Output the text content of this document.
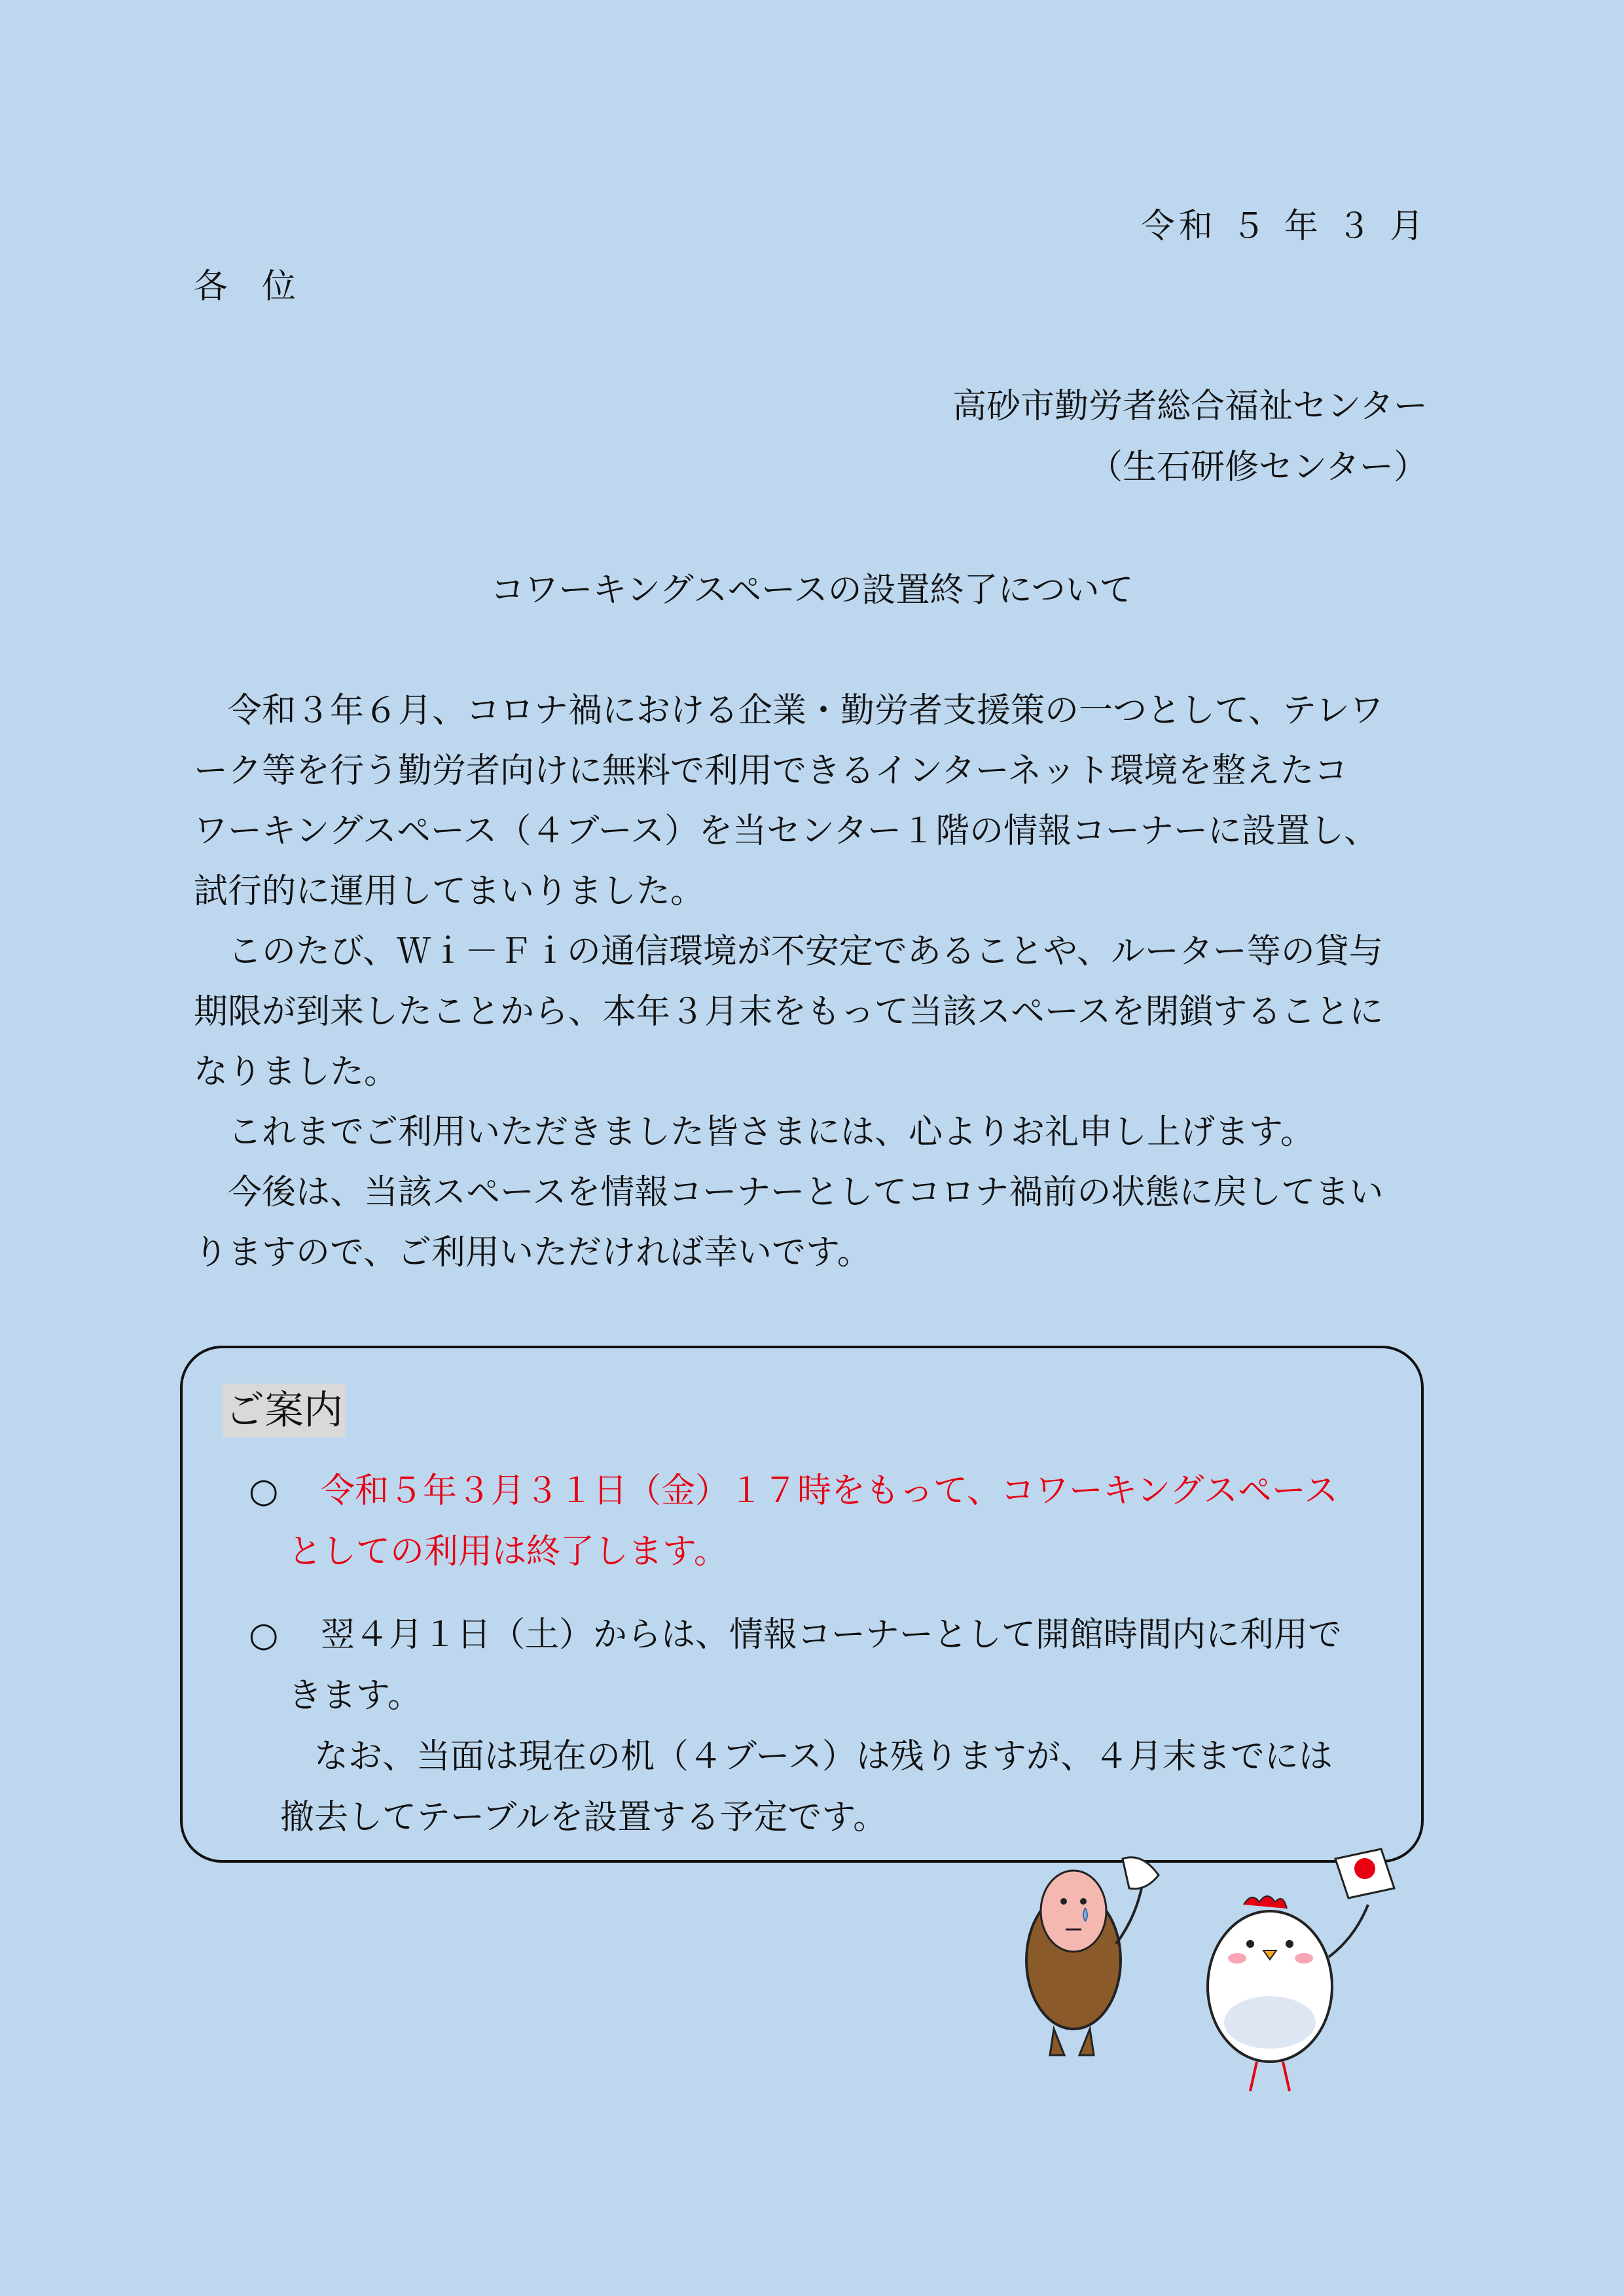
令和 ５ 年 ３ 月
各　位
高砂市勤労者総合福祉センター
（生石研修センター）
コワーキングスペースの設置終了について
　令和３年６月、コロナ禍における企業・勤労者支援策の一つとして、テレワ
ーク等を行う勤労者向けに無料で利用できるインターネット環境を整えたコ
ワーキングスペース（４ブース）を当センター１階の情報コーナーに設置し、
試行的に運用してまいりました。
　このたび、Ｗｉ－Ｆｉの通信環境が不安定であることや、ルーター等の貸与
期限が到来したことから、本年３月末をもって当該スペースを閉鎖することに
なりました。
　これまでご利用いただきました皆さまには、心よりお礼申し上げます。
　今後は、当該スペースを情報コーナーとしてコロナ禍前の状態に戻してまい
りますので、ご利用いただければ幸いです。
ご案内
○ 令和５年３月３１日（金）１７時をもって、コワーキングスペース
としての利用は終了します。
○ 翌４月１日（土）からは、情報コーナーとして開館時間内に利用で
きます。
なお、当面は現在の机（４ブース）は残りますが、４月末までには
撤去してテーブルを設置する予定です。
